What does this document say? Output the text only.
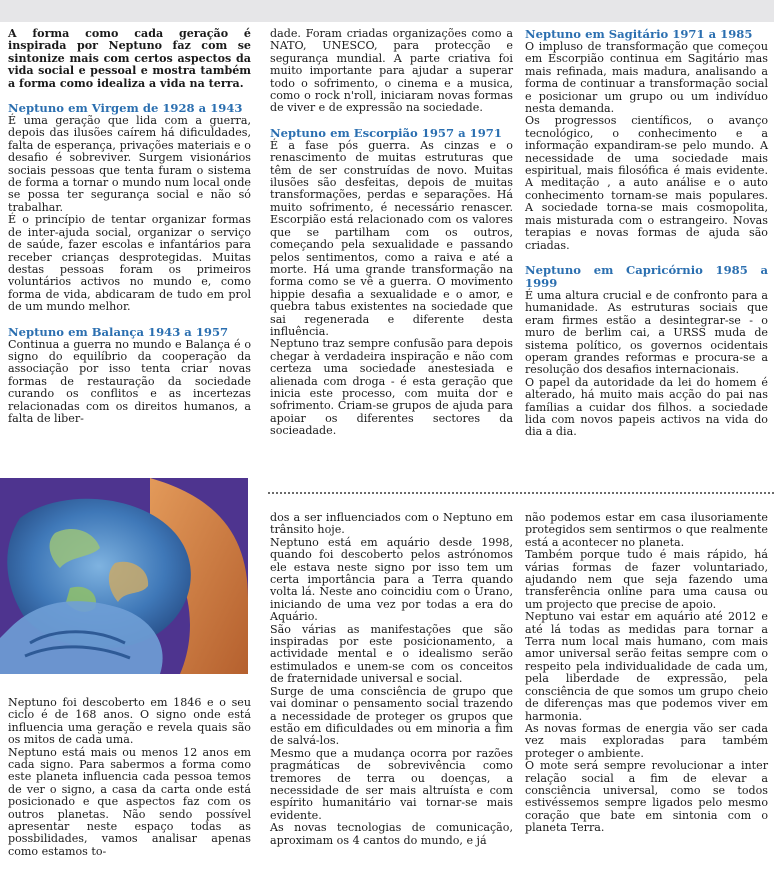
A forma como cada geração é inspirada por Neptuno faz com se sintonize mais com certos aspectos da vida social e pessoal e mostra também a forma como idealiza a vida na terra.

Neptuno em Virgem de 1928 a 1943

É uma geração que lida com a guerra, depois das ilusões caírem há dificuldades, falta de esperança, privações materiais e o desafio é sobreviver. Surgem visionários sociais pessoas que tenta furam o sistema de forma a tornar o mundo num local onde se possa ter segurança social e não só trabalhar.

É o princípio de tentar organizar formas de inter-ajuda social, organizar o serviço de saúde, fazer escolas e infantários para receber crianças desprotegidas. Muitas destas pessoas foram os primeiros voluntários activos no mundo e, como forma de vida, abdicaram de tudo em prol de um mundo melhor.

Neptuno em Balança 1943 a 1957

Continua a guerra no mundo e Balança é o signo do equilíbrio da cooperação da associação por isso tenta criar novas formas de restauração da sociedade curando os conflitos e as incertezas relacionadas com os direitos humanos, a falta de liber-

dade. Foram criadas organizações como a NATO, UNESCO, para protecção e segurança mundial. A parte criativa foi muito importante para ajudar a superar todo o sofrimento, o cinema e a musica, como o rock n'roll, iniciaram novas formas de viver e de expressão na sociedade.

Neptuno em Escorpião 1957 a 1971

É a fase pós guerra. As cinzas e o renascimento de muitas estruturas que têm de ser construídas de novo. Muitas ilusões são desfeitas, depois de muitas transformações, perdas e separações. Há muito sofrimento, é necessário renascer. Escorpião está relacionado com os valores que se partilham com os outros, começando pela sexualidade e passando pelos sentimentos, como a raiva e até a morte. Há uma grande transformação na forma como se vê a guerra. O movimento hippie desafia a sexualidade e o amor, e quebra tabus existentes na sociedade que sai regenerada e diferente desta influência.

Neptuno traz sempre confusão para depois chegar à verdadeira inspiração e não com certeza uma sociedade anestesiada e alienada com droga - é esta geração que inicia este processo, com muita dor e sofrimento. Criam-se grupos de ajuda para apoiar os diferentes sectores da socieadade.

Neptuno em Sagitário 1971 a 1985

O impluso de transformação que começou em Escorpião continua em Sagitário mas mais refinada, mais madura, analisando a forma de continuar a transformação social e posicionar um grupo ou um indivíduo nesta demanda.

Os progressos científicos, o avanço tecnológico, o conhecimento e a informação expandiram-se pelo mundo. A necessidade de uma sociedade mais espiritual, mais filosófica é mais evidente. A meditação , a auto análise e o auto conhecimento tornam-se mais populares. A sociedade torna-se mais cosmopolita, mais misturada com o estrangeiro. Novas terapias e novas formas de ajuda são criadas.

Neptuno em Capricórnio 1985 a 1999

É uma altura crucial e de confronto para a humanidade. As estruturas sociais que eram firmes estão a desintegrar-se - o muro de berlim cai, a URSS muda de sistema político, os governos ocidentais operam grandes reformas e procura-se a resolução dos desafios internacionais.

O papel da autoridade da lei do homem é alterado, há muito mais acção do pai nas famílias a cuidar dos filhos. a sociedade lida com novos papeis activos na vida do dia a dia.

Neptuno foi descoberto em 1846 e o seu ciclo é de 168 anos. O signo onde está influencia uma geração e revela quais são os mitos de cada uma.

Neptuno está mais ou menos 12 anos em cada signo. Para sabermos a forma como este planeta influencia cada pessoa temos de ver o signo, a casa da carta onde está posicionado e que aspectos faz com os outros planetas. Não sendo possível apresentar neste espaço todas as possbilidades, vamos analisar apenas como estamos to-

dos a ser influenciados com o Neptuno em trânsito hoje.

Neptuno está em aquário desde 1998, quando foi descoberto pelos astrónomos ele estava neste signo por isso tem um certa importância para a Terra quando volta lá. Neste ano coincidiu com o Urano, iniciando de uma vez por todas a era do Aquário.

São várias as manifestações que são inspiradas por este posicionamento, a actividade mental e o idealismo serão estimulados e unem-se com os conceitos de fraternidade universal e social.

Surge de uma consciência de grupo que vai dominar o pensamento social trazendo a necessidade de proteger os grupos que estão em dificuldades ou em minoria a fim de salvá-los.

Mesmo que a mudança ocorra por razões pragmáticas de sobrevivência como tremores de terra ou doenças, a necessidade de ser mais altruísta e com espírito humanitário vai tornar-se mais evidente.

As novas tecnologias de comunicação, aproximam os 4 cantos do mundo, e já

não podemos estar em casa ilusoriamente protegidos sem sentirmos o que realmente está a acontecer no planeta.

Também porque tudo é mais rápido, há várias formas de fazer voluntariado, ajudando nem que seja fazendo uma transferência online para uma causa ou um projecto que precise de apoio.

Neptuno vai estar em aquário até 2012 e até lá todas as medidas para tornar a Terra num local mais humano, com mais amor universal serão feitas sempre com o respeito pela individualidade de cada um, pela liberdade de expressão, pela consciência de que somos um grupo cheio de diferenças mas que podemos viver em harmonia.

As novas formas de energia vão ser cada vez mais exploradas para também proteger o ambiente.

O mote será sempre revolucionar a inter relação social a fim de elevar a consciência universal, como se todos estivéssemos sempre ligados pelo mesmo coração que bate em sintonia com o planeta Terra.
